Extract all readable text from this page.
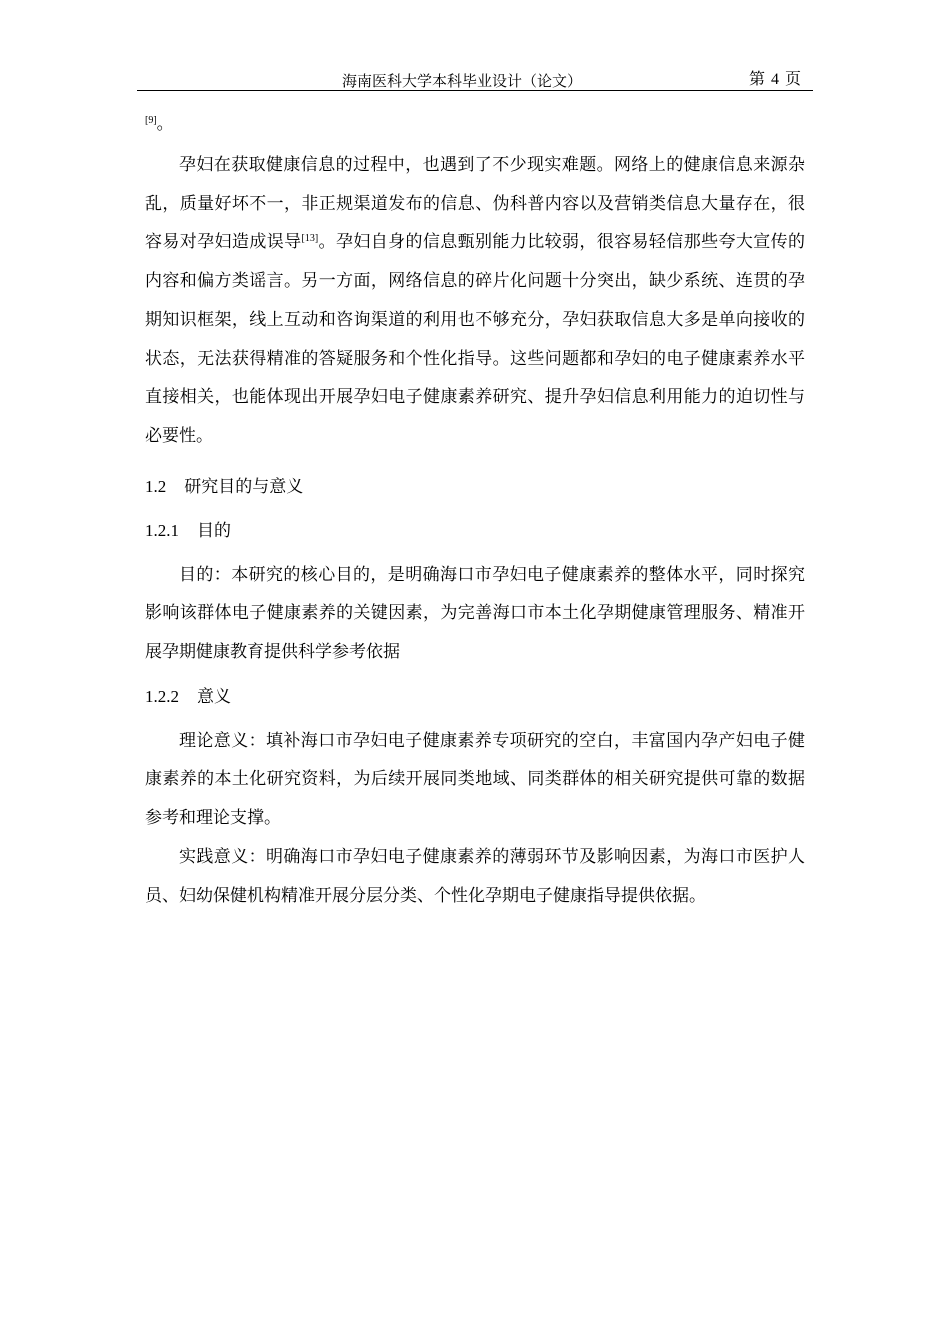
海南医科大学本科毕业设计（论文）	第 4 页

[9]。

孕妇在获取健康信息的过程中，也遇到了不少现实难题。网络上的健康信息来源杂乱，质量好坏不一，非正规渠道发布的信息、伪科普内容以及营销类信息大量存在，很容易对孕妇造成误导[13]。孕妇自身的信息甄别能力比较弱，很容易轻信那些夸大宣传的内容和偏方类谣言。另一方面，网络信息的碎片化问题十分突出，缺少系统、连贯的孕期知识框架，线上互动和咨询渠道的利用也不够充分，孕妇获取信息大多是单向接收的状态，无法获得精准的答疑服务和个性化指导。这些问题都和孕妇的电子健康素养水平直接相关，也能体现出开展孕妇电子健康素养研究、提升孕妇信息利用能力的迫切性与必要性。

1.2 研究目的与意义
1.2.1 目的

目的：本研究的核心目的，是明确海口市孕妇电子健康素养的整体水平，同时探究影响该群体电子健康素养的关键因素，为完善海口市本土化孕期健康管理服务、精准开展孕期健康教育提供科学参考依据

1.2.2 意义

理论意义：填补海口市孕妇电子健康素养专项研究的空白，丰富国内孕产妇电子健康素养的本土化研究资料，为后续开展同类地域、同类群体的相关研究提供可靠的数据参考和理论支撑。

实践意义：明确海口市孕妇电子健康素养的薄弱环节及影响因素，为海口市医护人员、妇幼保健机构精准开展分层分类、个性化孕期电子健康指导提供依据。
